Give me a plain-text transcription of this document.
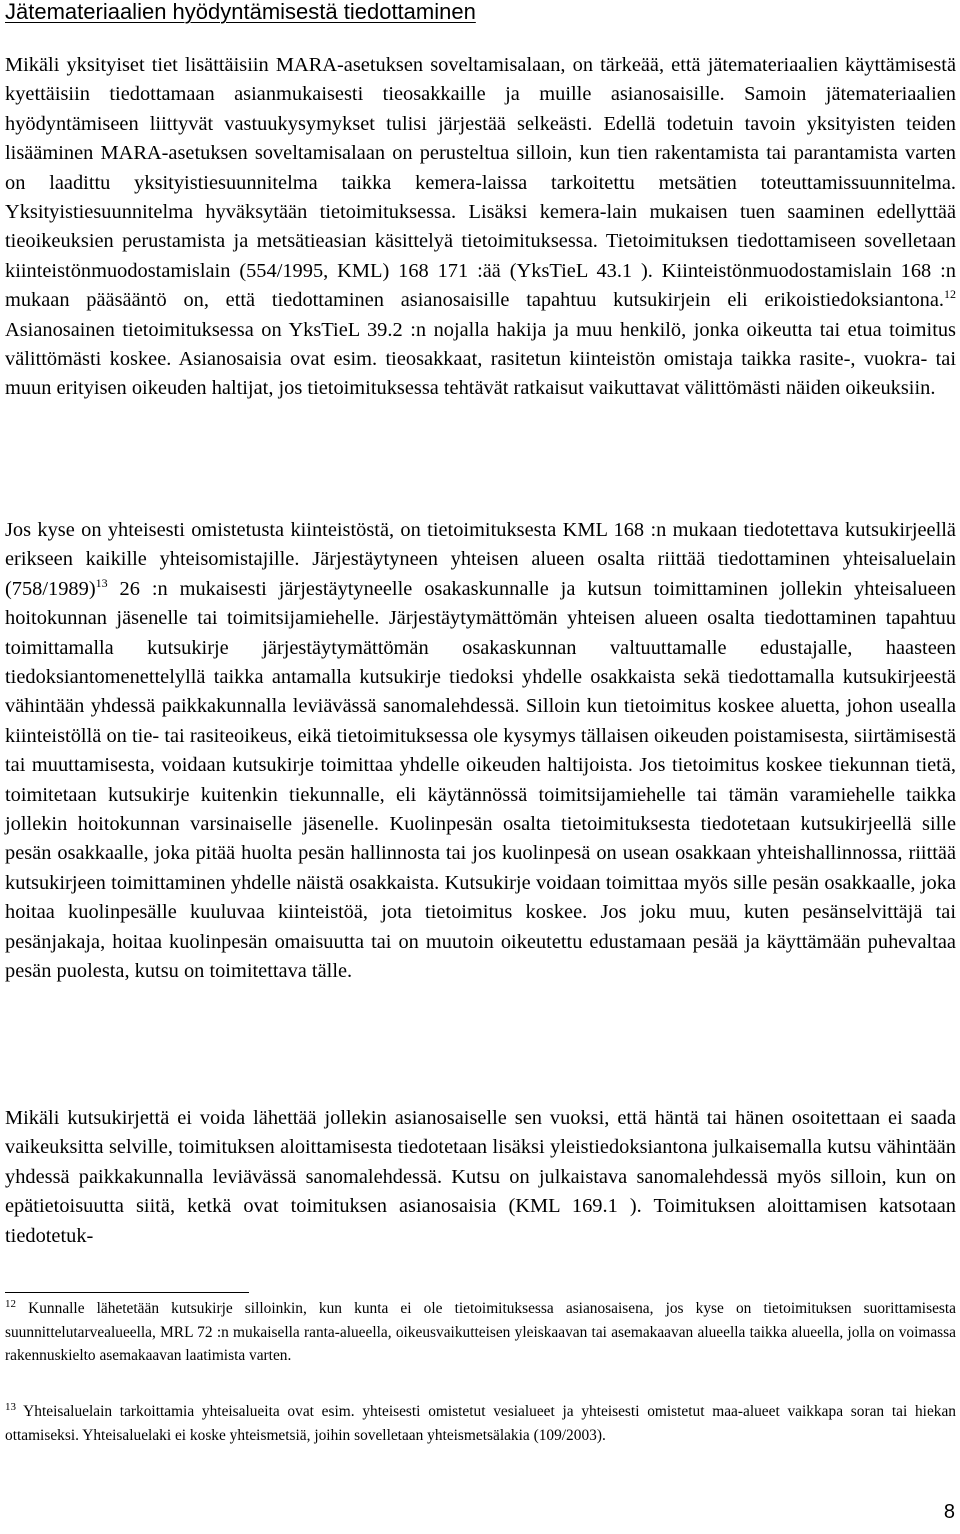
Jätemateriaalien hyödyntämisestä tiedottaminen

Mikäli yksityiset tiet lisättäisiin MARA-asetuksen soveltamisalaan, on tärkeää, että jätemateriaalien käyttämisestä kyettäisiin tiedottamaan asianmukaisesti tieosakkaille ja muille asianosaisille. Samoin jätemateriaalien hyödyntämiseen liittyvät vastuukysymykset tulisi järjestää selkeästi. Edellä todetuin tavoin yksityisten teiden lisääminen MARA-asetuksen soveltamisalaan on perusteltua silloin, kun tien rakentamista tai parantamista varten on laadittu yksityistiesuunnitelma taikka kemera-laissa tarkoitettu metsätien toteuttamissuunnitelma. Yksityistiesuunnitelma hyväksytään tietoimituksessa. Lisäksi kemera-lain mukaisen tuen saaminen edellyttää tieoikeuksien perustamista ja metsätieasian käsittelyä tietoimituksessa. Tietoimituksen tiedottamiseen sovelletaan kiinteistönmuodostamislain (554/1995, KML) 168 171 :ää (YksTieL 43.1 ). Kiinteistönmuodostamislain 168 :n mukaan pääsääntö on, että tiedottaminen asianosaisille tapahtuu kutsukirjein eli erikoistiedoksiantona.$^{12}$ Asianosainen tietoimituksessa on YksTieL 39.2 :n nojalla hakija ja muu henkilö, jonka oikeutta tai etua toimitus välittömästi koskee. Asianosaisia ovat esim. tieosakkaat, rasitetun kiinteistön omistaja taikka rasite-, vuokra- tai muun erityisen oikeuden haltijat, jos tietoimituksessa tehtävät ratkaisut vaikuttavat välittömästi näiden oikeuksiin.

Jos kyse on yhteisesti omistetusta kiinteistöstä, on tietoimituksesta KML 168 :n mukaan tiedotettava kutsukirjeellä erikseen kaikille yhteisomistajille. Järjestäytyneen yhteisen alueen osalta riittää tiedottaminen yhteisaluelain $(758/1989)^{13}$ 26 :n mukaisesti järjestäytyneelle osakaskunnalle ja kutsun toimittaminen jollekin yhteisalueen hoitokunnan jäsenelle tai toimitsijamiehelle. Järjestäytymättömän yhteisen alueen osalta tiedottaminen tapahtuu toimittamalla kutsukirje järjestäytymättömän osakaskunnan valtuuttamalle edustajalle, haasteen tiedoksiantomenettelyllä taikka antamalla kutsukirje tiedoksi yhdelle osakkaista sekä tiedottamalla kutsukirjeestä vähintään yhdessä paikkakunnalla leviävässä sanomalehdessä. Silloin kun tietoimitus koskee aluetta, johon usealla kiinteistöllä on tie- tai rasiteoikeus, eikä tietoimituksessa ole kysymys tällaisen oikeuden poistamisesta, siirtämisestä tai muuttamisesta, voidaan kutsukirje toimittaa yhdelle oikeuden haltijoista. Jos tietoimitus koskee tiekunnan tietä, toimitetaan kutsukirje kuitenkin tiekunnalle, eli käytännössä toimitsijamiehelle tai tämän varamiehelle taikka jollekin hoitokunnan varsinaiselle jäsenelle. Kuolinpesän osalta tietoimituksesta tiedotetaan kutsukirjeellä sille pesän osakkaalle, joka pitää huolta pesän hallinnosta tai jos kuolinpesä on usean osakkaan yhteishallinnossa, riittää kutsukirjeen toimittaminen yhdelle näistä osakkaista. Kutsukirje voidaan toimittaa myös sille pesän osakkaalle, joka hoitaa kuolinpesälle kuuluvaa kiinteistöä, jota tietoimitus koskee. Jos joku muu, kuten pesänselvittäjä tai pesänjakaja, hoitaa kuolinpesän omaisuutta tai on muutoin oikeutettu edustamaan pesää ja käyttämään puhevaltaa pesän puolesta, kutsu on toimitettava tälle.

Mikäli kutsukirjettä ei voida lähettää jollekin asianosaiselle sen vuoksi, että häntä tai hänen osoitettaan ei saada vaikeuksitta selville, toimituksen aloittamisesta tiedotetaan lisäksi yleistiedoksiantona julkaisemalla kutsu vähintään yhdessä paikkakunnalla leviävässä sanomalehdessä. Kutsu on julkaistava sanomalehdessä myös silloin, kun on epätietoisuutta siitä, ketkä ovat toimituksen asianosaisia (KML 169.1 ). Toimituksen aloittamisen katsotaan tiedotetuk-

$^{12}$ Kunnalle lähetetään kutsukirje silloinkin, kun kunta ei ole tietoimituksessa asianosaisena, jos kyse on tietoimituksen suorittamisesta suunnittelutarvealueella, MRL 72 :n mukaisella ranta-alueella, oikeusvaikutteisen yleiskaavan tai asemakaavan alueella taikka alueella, jolla on voimassa rakennuskielto asemakaavan laatimista varten.

$^{13}$ Yhteisaluelain tarkoittamia yhteisalueita ovat esim. yhteisesti omistetut vesialueet ja yhteisesti omistetut maa-alueet vaikkapa soran tai hiekan ottamiseksi. Yhteisaluelaki ei koske yhteismetsiä, joihin sovelletaan yhteismetsälakia (109/2003).

8
